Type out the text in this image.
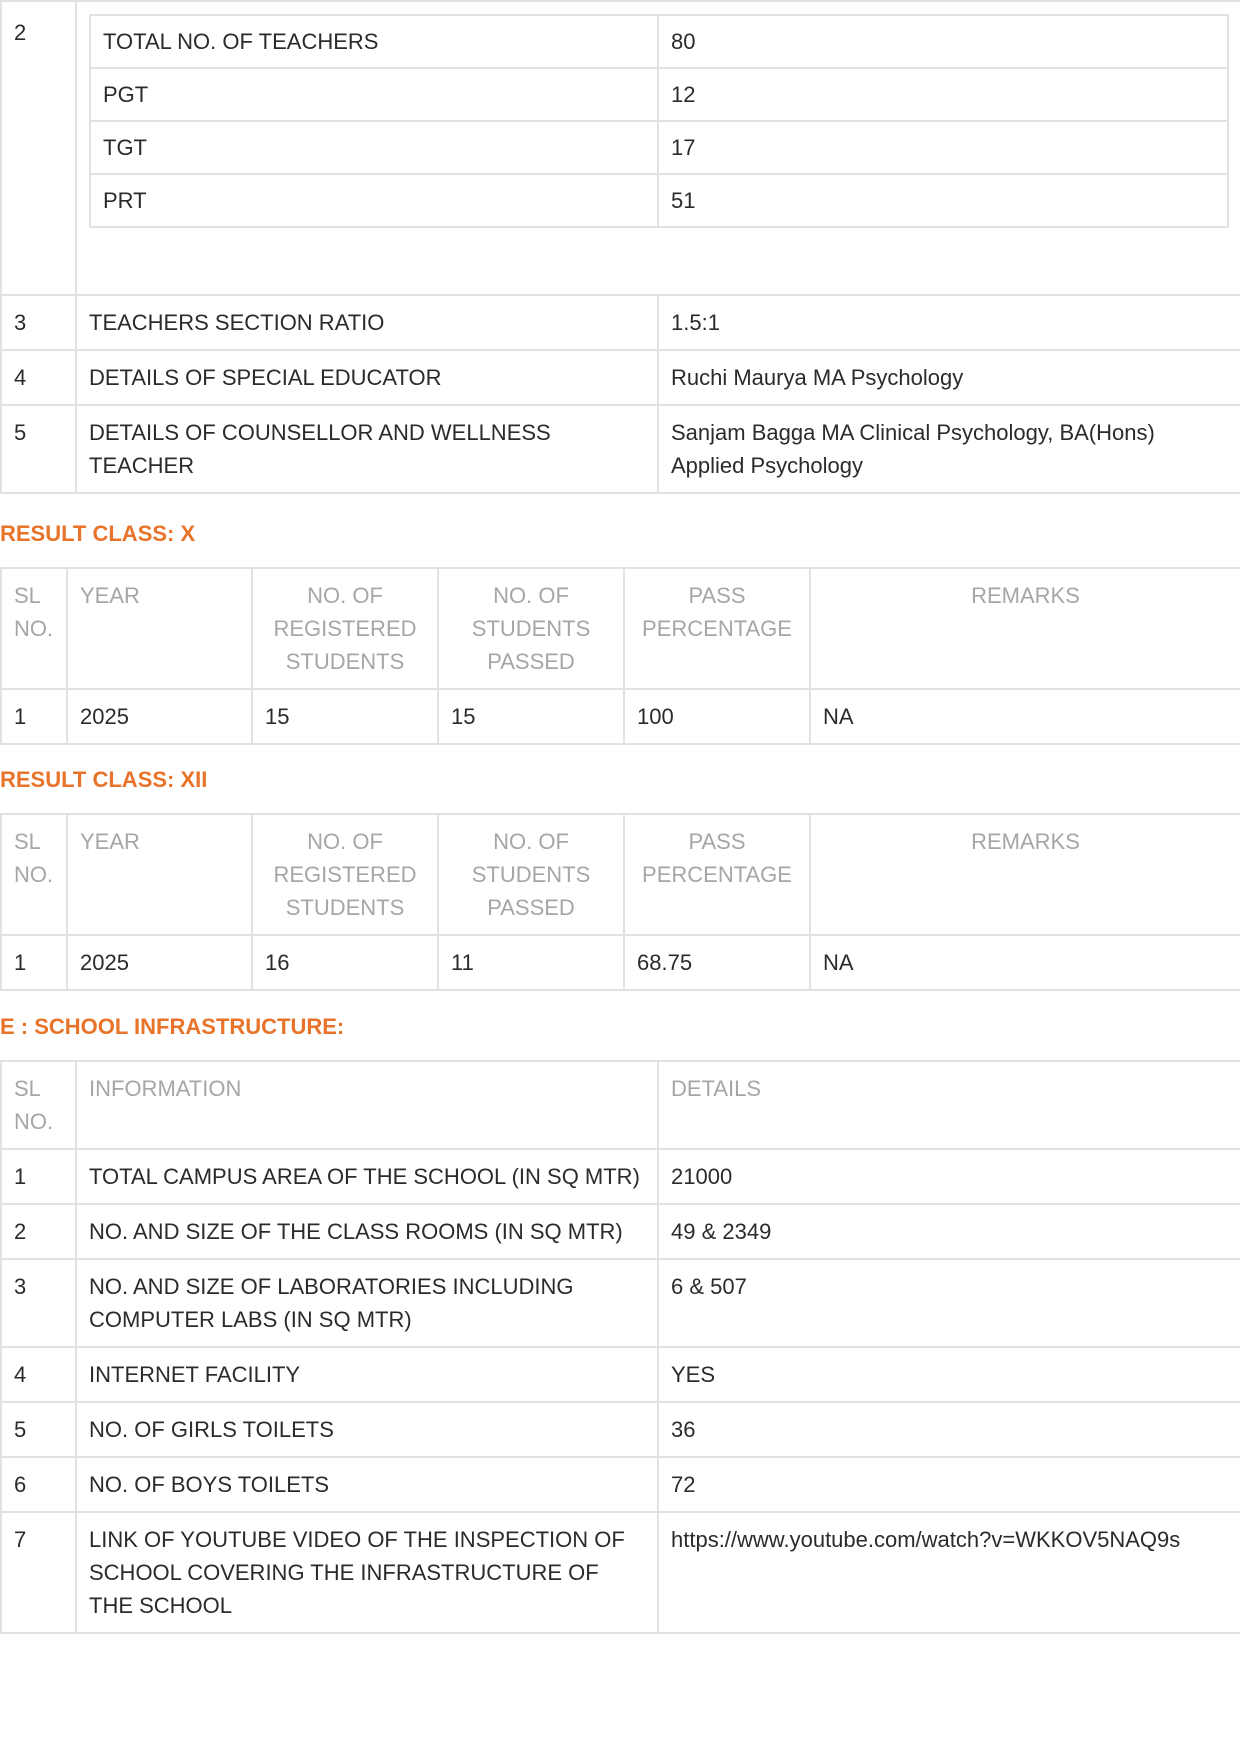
2		TOTAL NO. OF TEACHERS	80
PGT	12
TGT	17
PRT	51

3	TEACHERS SECTION RATIO	1.5:1
4	DETAILS OF SPECIAL EDUCATOR	Ruchi Maurya MA Psychology
5	DETAILS OF COUNSELLOR AND WELLNESS TEACHER	Sanjam Bagga MA Clinical Psychology, BA(Hons) Applied Psychology
RESULT CLASS: X
SL NO.	YEAR	NO. OF REGISTERED STUDENTS	NO. OF STUDENTS PASSED	PASS PERCENTAGE	REMARKS
1	2025	15	15	100	NA
RESULT CLASS: XII
SL NO.	YEAR	NO. OF REGISTERED STUDENTS	NO. OF STUDENTS PASSED	PASS PERCENTAGE	REMARKS
1	2025	16	11	68.75	NA
E : SCHOOL INFRASTRUCTURE:
SL NO.	INFORMATION	DETAILS
1	TOTAL CAMPUS AREA OF THE SCHOOL (IN SQ MTR)	21000
2	NO. AND SIZE OF THE CLASS ROOMS (IN SQ MTR)	49 & 2349
3	NO. AND SIZE OF LABORATORIES INCLUDING COMPUTER LABS (IN SQ MTR)	6 & 507
4	INTERNET FACILITY	YES
5	NO. OF GIRLS TOILETS	36
6	NO. OF BOYS TOILETS	72
7	LINK OF YOUTUBE VIDEO OF THE INSPECTION OF SCHOOL COVERING THE INFRASTRUCTURE OF THE SCHOOL	https://www.youtube.com/watch?v=WKKOV5NAQ9s
